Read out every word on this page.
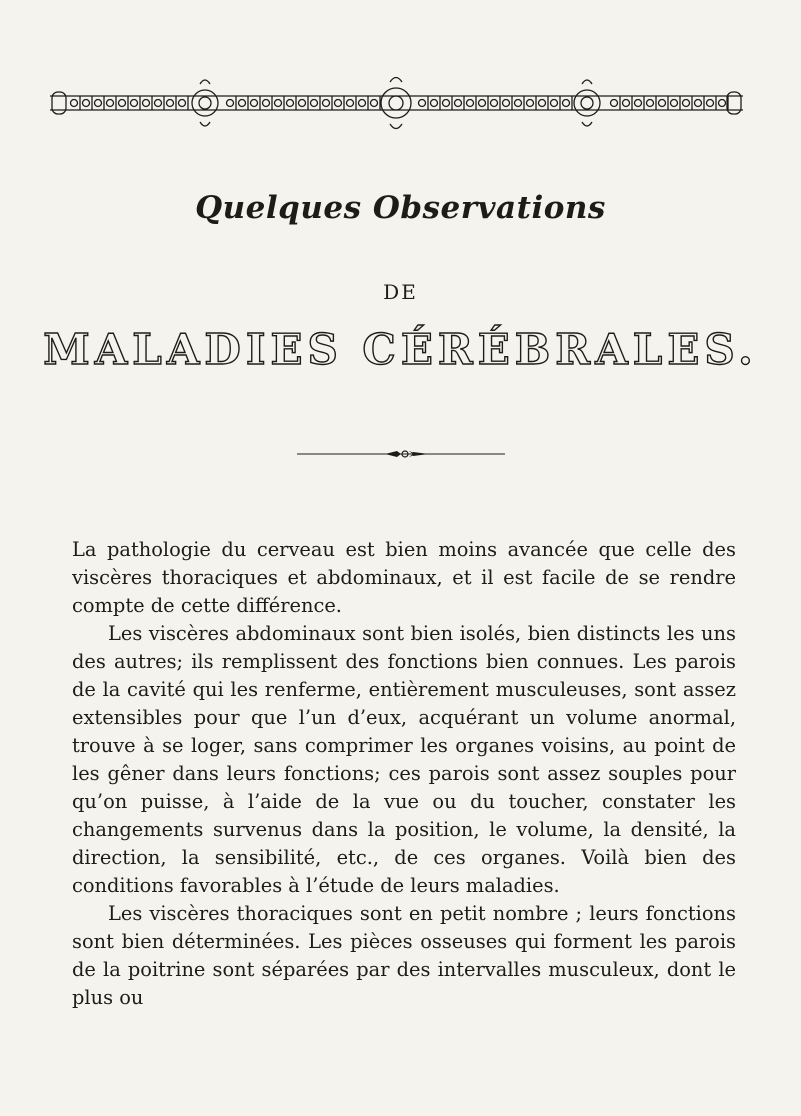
Quelques Observations
DE
MALADIES CÉRÉBRALES.

La pathologie du cerveau est bien moins avancée que celle des viscères thoraciques et abdominaux, et il est facile de se rendre compte de cette différence.

Les viscères abdominaux sont bien isolés, bien distincts les uns des autres; ils remplissent des fonctions bien connues. Les parois de la cavité qui les renferme, entièrement musculeuses, sont assez extensibles pour que l’un d’eux, acquérant un volume anormal, trouve à se loger, sans comprimer les organes voisins, au point de les gêner dans leurs fonctions; ces parois sont assez souples pour qu’on puisse, à l’aide de la vue ou du toucher, constater les changements survenus dans la position, le volume, la densité, la direction, la sensibilité, etc., de ces organes. Voilà bien des conditions favorables à l’étude de leurs maladies.

Les viscères thoraciques sont en petit nombre ; leurs fonctions sont bien déterminées. Les pièces osseuses qui forment les parois de la poitrine sont séparées par des intervalles musculeux, dont le plus ou
